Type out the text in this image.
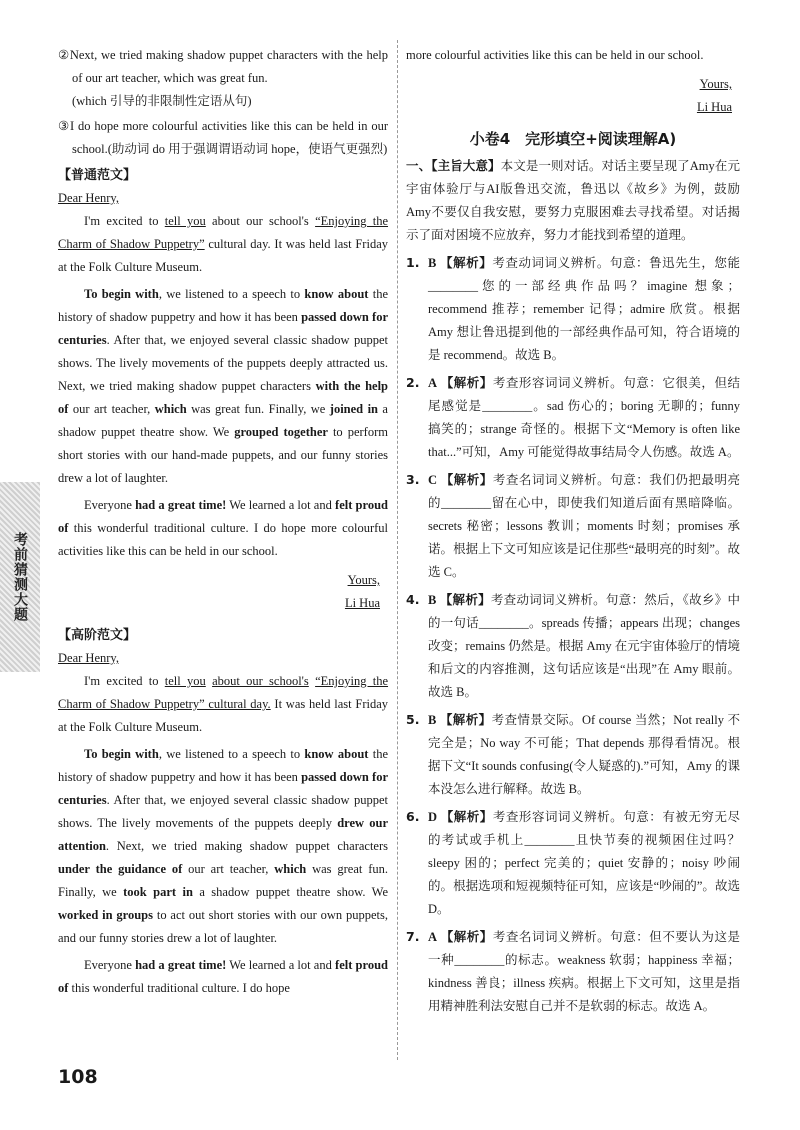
考前猜测大题

②Next, we tried making shadow puppet characters with the help of our art teacher, which was great fun.
(which 引导的非限制性定语从句)

③I do hope more colourful activities like this can be held in our school.(助动词 do 用于强调谓语动词 hope，使语气更强烈)

【普通范文】

Dear Henry,

I'm excited to tell you about our school's “Enjoying the Charm of Shadow Puppetry” cultural day. It was held last Friday at the Folk Culture Museum.

To begin with, we listened to a speech to know about the history of shadow puppetry and how it has been passed down for centuries. After that, we enjoyed several classic shadow puppet shows. The lively movements of the puppets deeply attracted us. Next, we tried making shadow puppet characters with the help of our art teacher, which was great fun. Finally, we joined in a shadow puppet theatre show. We grouped together to perform short stories with our hand-made puppets, and our funny stories drew a lot of laughter.

Everyone had a great time! We learned a lot and felt proud of this wonderful traditional culture. I do hope more colourful activities like this can be held in our school.

Yours,

Li Hua

【高阶范文】

Dear Henry,

I'm excited to tell you about our school's “Enjoying the Charm of Shadow Puppetry” cultural day. It was held last Friday at the Folk Culture Museum.

To begin with, we listened to a speech to know about the history of shadow puppetry and how it has been passed down for centuries. After that, we enjoyed several classic shadow puppet shows. The lively movements of the puppets deeply drew our attention. Next, we tried making shadow puppet characters under the guidance of our art teacher, which was great fun. Finally, we took part in a shadow puppet theatre show. We worked in groups to act out short stories with our own puppets, and our funny stories drew a lot of laughter.

Everyone had a great time! We learned a lot and felt proud of this wonderful traditional culture. I do hope

more colourful activities like this can be held in our school.

Yours,

Li Hua

小卷4　完形填空+阅读理解A)

一、【主旨大意】本文是一则对话。对话主要呈现了Amy在元宇宙体验厅与AI版鲁迅交流，鲁迅以《故乡》为例，鼓励Amy不要仅自我安慰，要努力克服困难去寻找希望。对话揭示了面对困境不应放弃，努力才能找到希望的道理。

1. B 【解析】考查动词词义辨析。句意：鲁迅先生，您能________您的一部经典作品吗？imagine 想象；recommend 推荐；remember 记得；admire 欣赏。根据Amy 想让鲁迅提到他的一部经典作品可知，符合语境的是 recommend。故选 B。
2. A 【解析】考查形容词词义辨析。句意：它很美，但结尾感觉是________。sad 伤心的；boring 无聊的；funny 搞笑的；strange 奇怪的。根据下文“Memory is often like that...”可知，Amy 可能觉得故事结局令人伤感。故选 A。
3. C 【解析】考查名词词义辨析。句意：我们仍把最明亮的________留在心中，即使我们知道后面有黑暗降临。secrets 秘密；lessons 教训；moments 时刻；promises 承诺。根据上下文可知应该是记住那些“最明亮的时刻”。故选 C。
4. B 【解析】考查动词词义辨析。句意：然后，《故乡》中的一句话________。spreads 传播；appears 出现；changes 改变；remains 仍然是。根据 Amy 在元宇宙体验厅的情境和后文的内容推测，这句话应该是“出现”在 Amy 眼前。故选 B。
5. B 【解析】考查情景交际。Of course 当然；Not really 不完全是；No way 不可能；That depends 那得看情况。根据下文“It sounds confusing(令人疑惑的).”可知，Amy 的课本没怎么进行解释。故选 B。
6. D 【解析】考查形容词词义辨析。句意：有被无穷无尽的考试或手机上________且快节奏的视频困住过吗？sleepy 困的；perfect 完美的；quiet 安静的；noisy 吵闹的。根据选项和短视频特征可知，应该是“吵闹的”。故选 D。
7. A 【解析】考查名词词义辨析。句意：但不要认为这是一种________的标志。weakness 软弱；happiness 幸福；kindness 善良；illness 疾病。根据上下文可知，这里是指用精神胜利法安慰自己并不是软弱的标志。故选 A。
108
